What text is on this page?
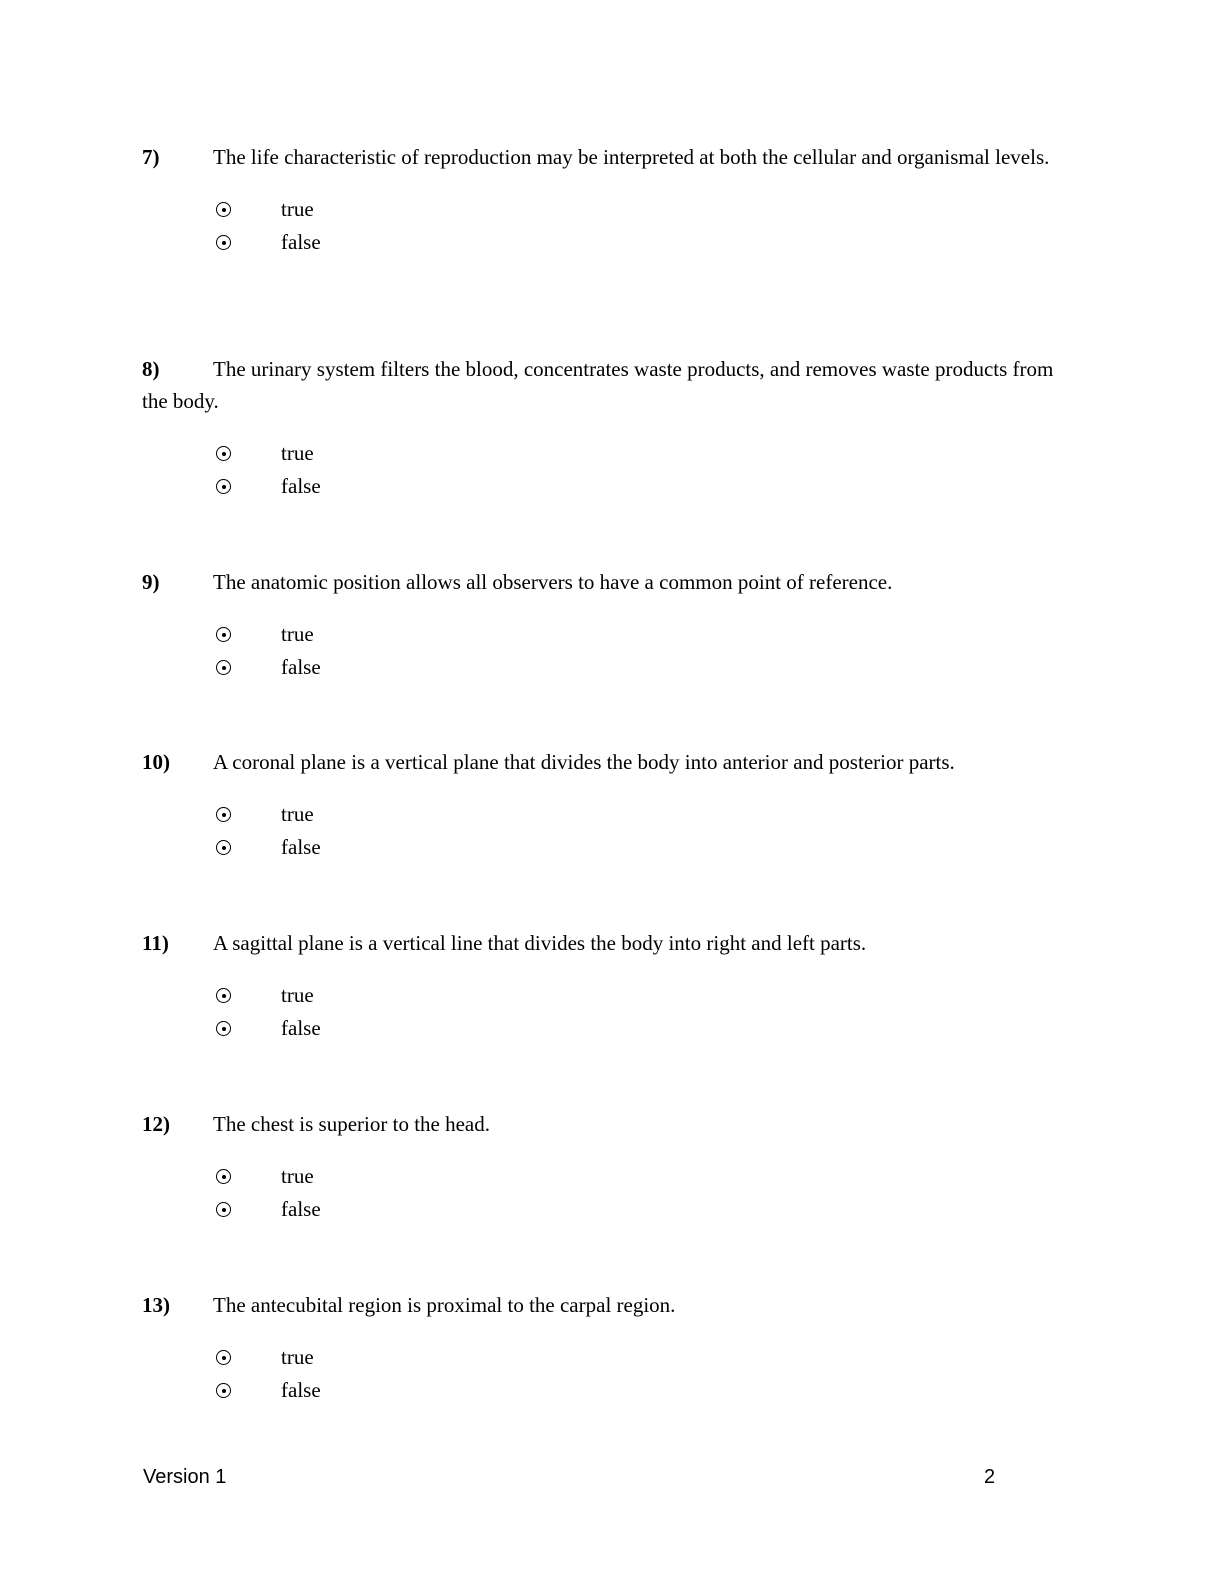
7)	The life characteristic of reproduction may be interpreted at both the cellular and organismal levels.
true
false
8)	The urinary system filters the blood, concentrates waste products, and removes waste products from the body.
true
false
9)	The anatomic position allows all observers to have a common point of reference.
true
false
10) A coronal plane is a vertical plane that divides the body into anterior and posterior parts.
true
false
11) A sagittal plane is a vertical line that divides the body into right and left parts.
true
false
12) The chest is superior to the head.
true
false
13) The antecubital region is proximal to the carpal region.
true
false
Version 1	2
